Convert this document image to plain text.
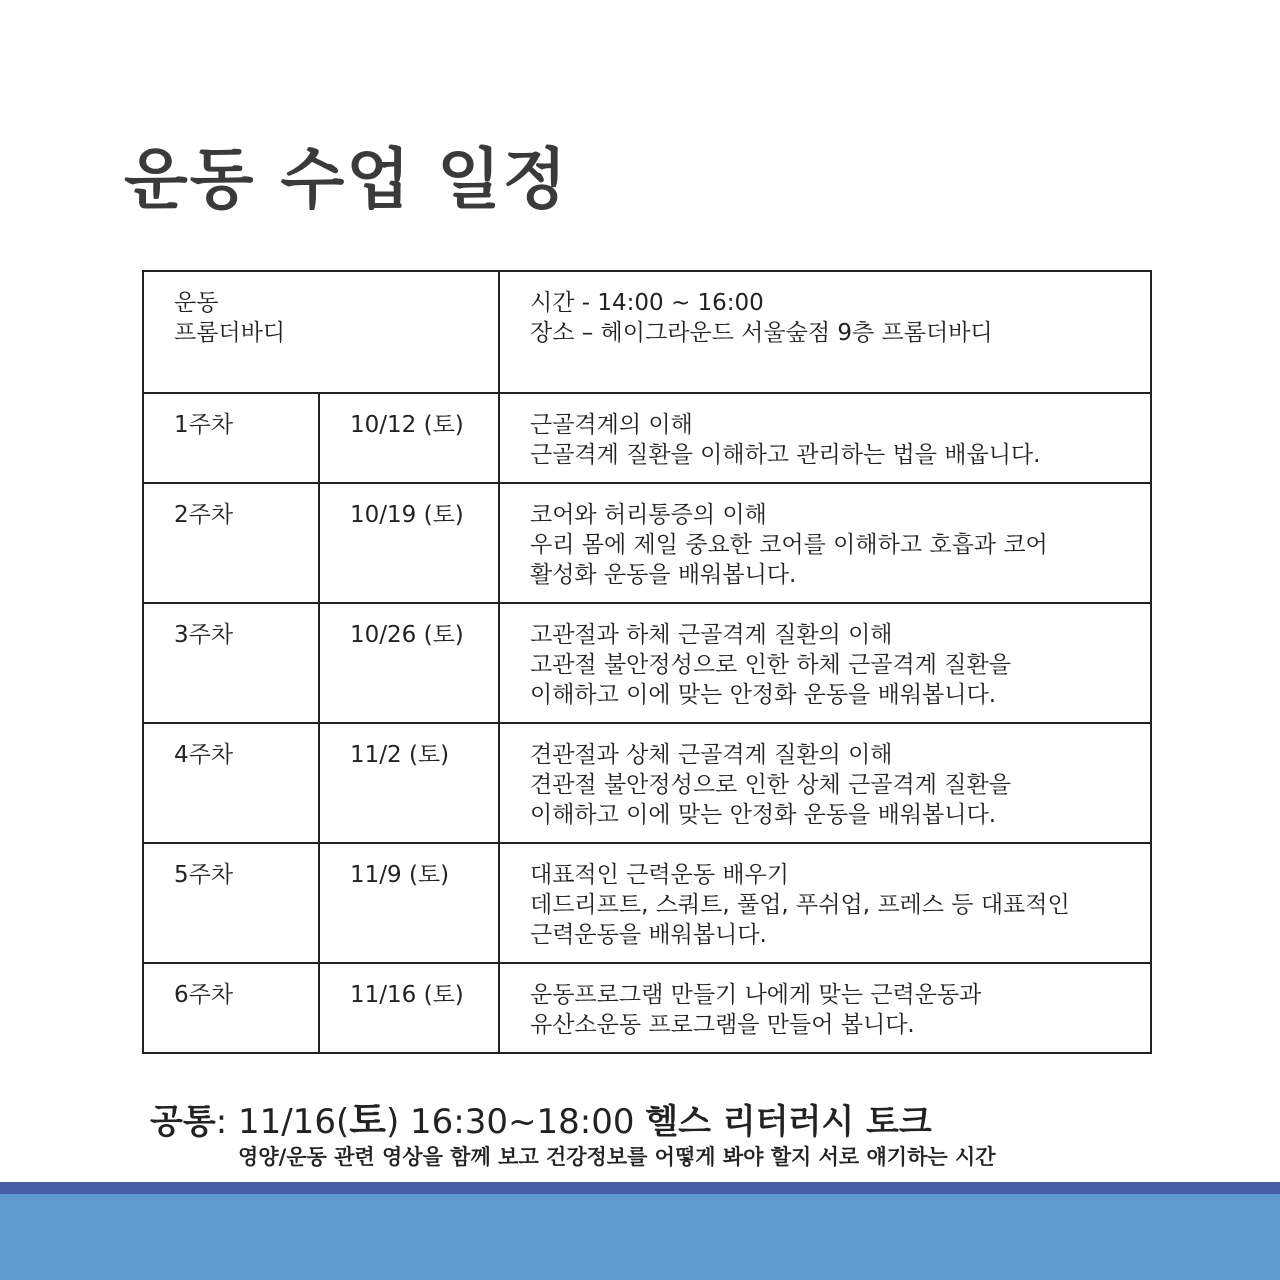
운동 수업 일정
운동
프롬더바디		시간 - 14:00 ~ 16:00
장소 – 헤이그라운드 서울숲점 9층 프롬더바디

1주차	10/12 (토)	근골격계의 이해
근골격계 질환을 이해하고 관리하는 법을 배웁니다.

2주차	10/19 (토)	코어와 허리통증의 이해
우리 몸에 제일 중요한 코어를 이해하고 호흡과 코어
활성화 운동을 배워봅니다.

3주차	10/26 (토)	고관절과 하체 근골격계 질환의 이해
고관절 불안정성으로 인한 하체 근골격계 질환을
이해하고 이에 맞는 안정화 운동을 배워봅니다.

4주차	11/2 (토)	견관절과 상체 근골격계 질환의 이해
견관절 불안정성으로 인한 상체 근골격계 질환을
이해하고 이에 맞는 안정화 운동을 배워봅니다.

5주차	11/9 (토)	대표적인 근력운동 배우기
데드리프트, 스쿼트, 풀업, 푸쉬업, 프레스 등 대표적인
근력운동을 배워봅니다.

6주차	11/16 (토)	운동프로그램 만들기 나에게 맞는 근력운동과
유산소운동 프로그램을 만들어 봅니다.
공통: 11/16(토) 16:30~18:00 헬스 리터러시 토크
영양/운동 관련 영상을 함께 보고 건강정보를 어떻게 봐야 할지 서로 얘기하는 시간
